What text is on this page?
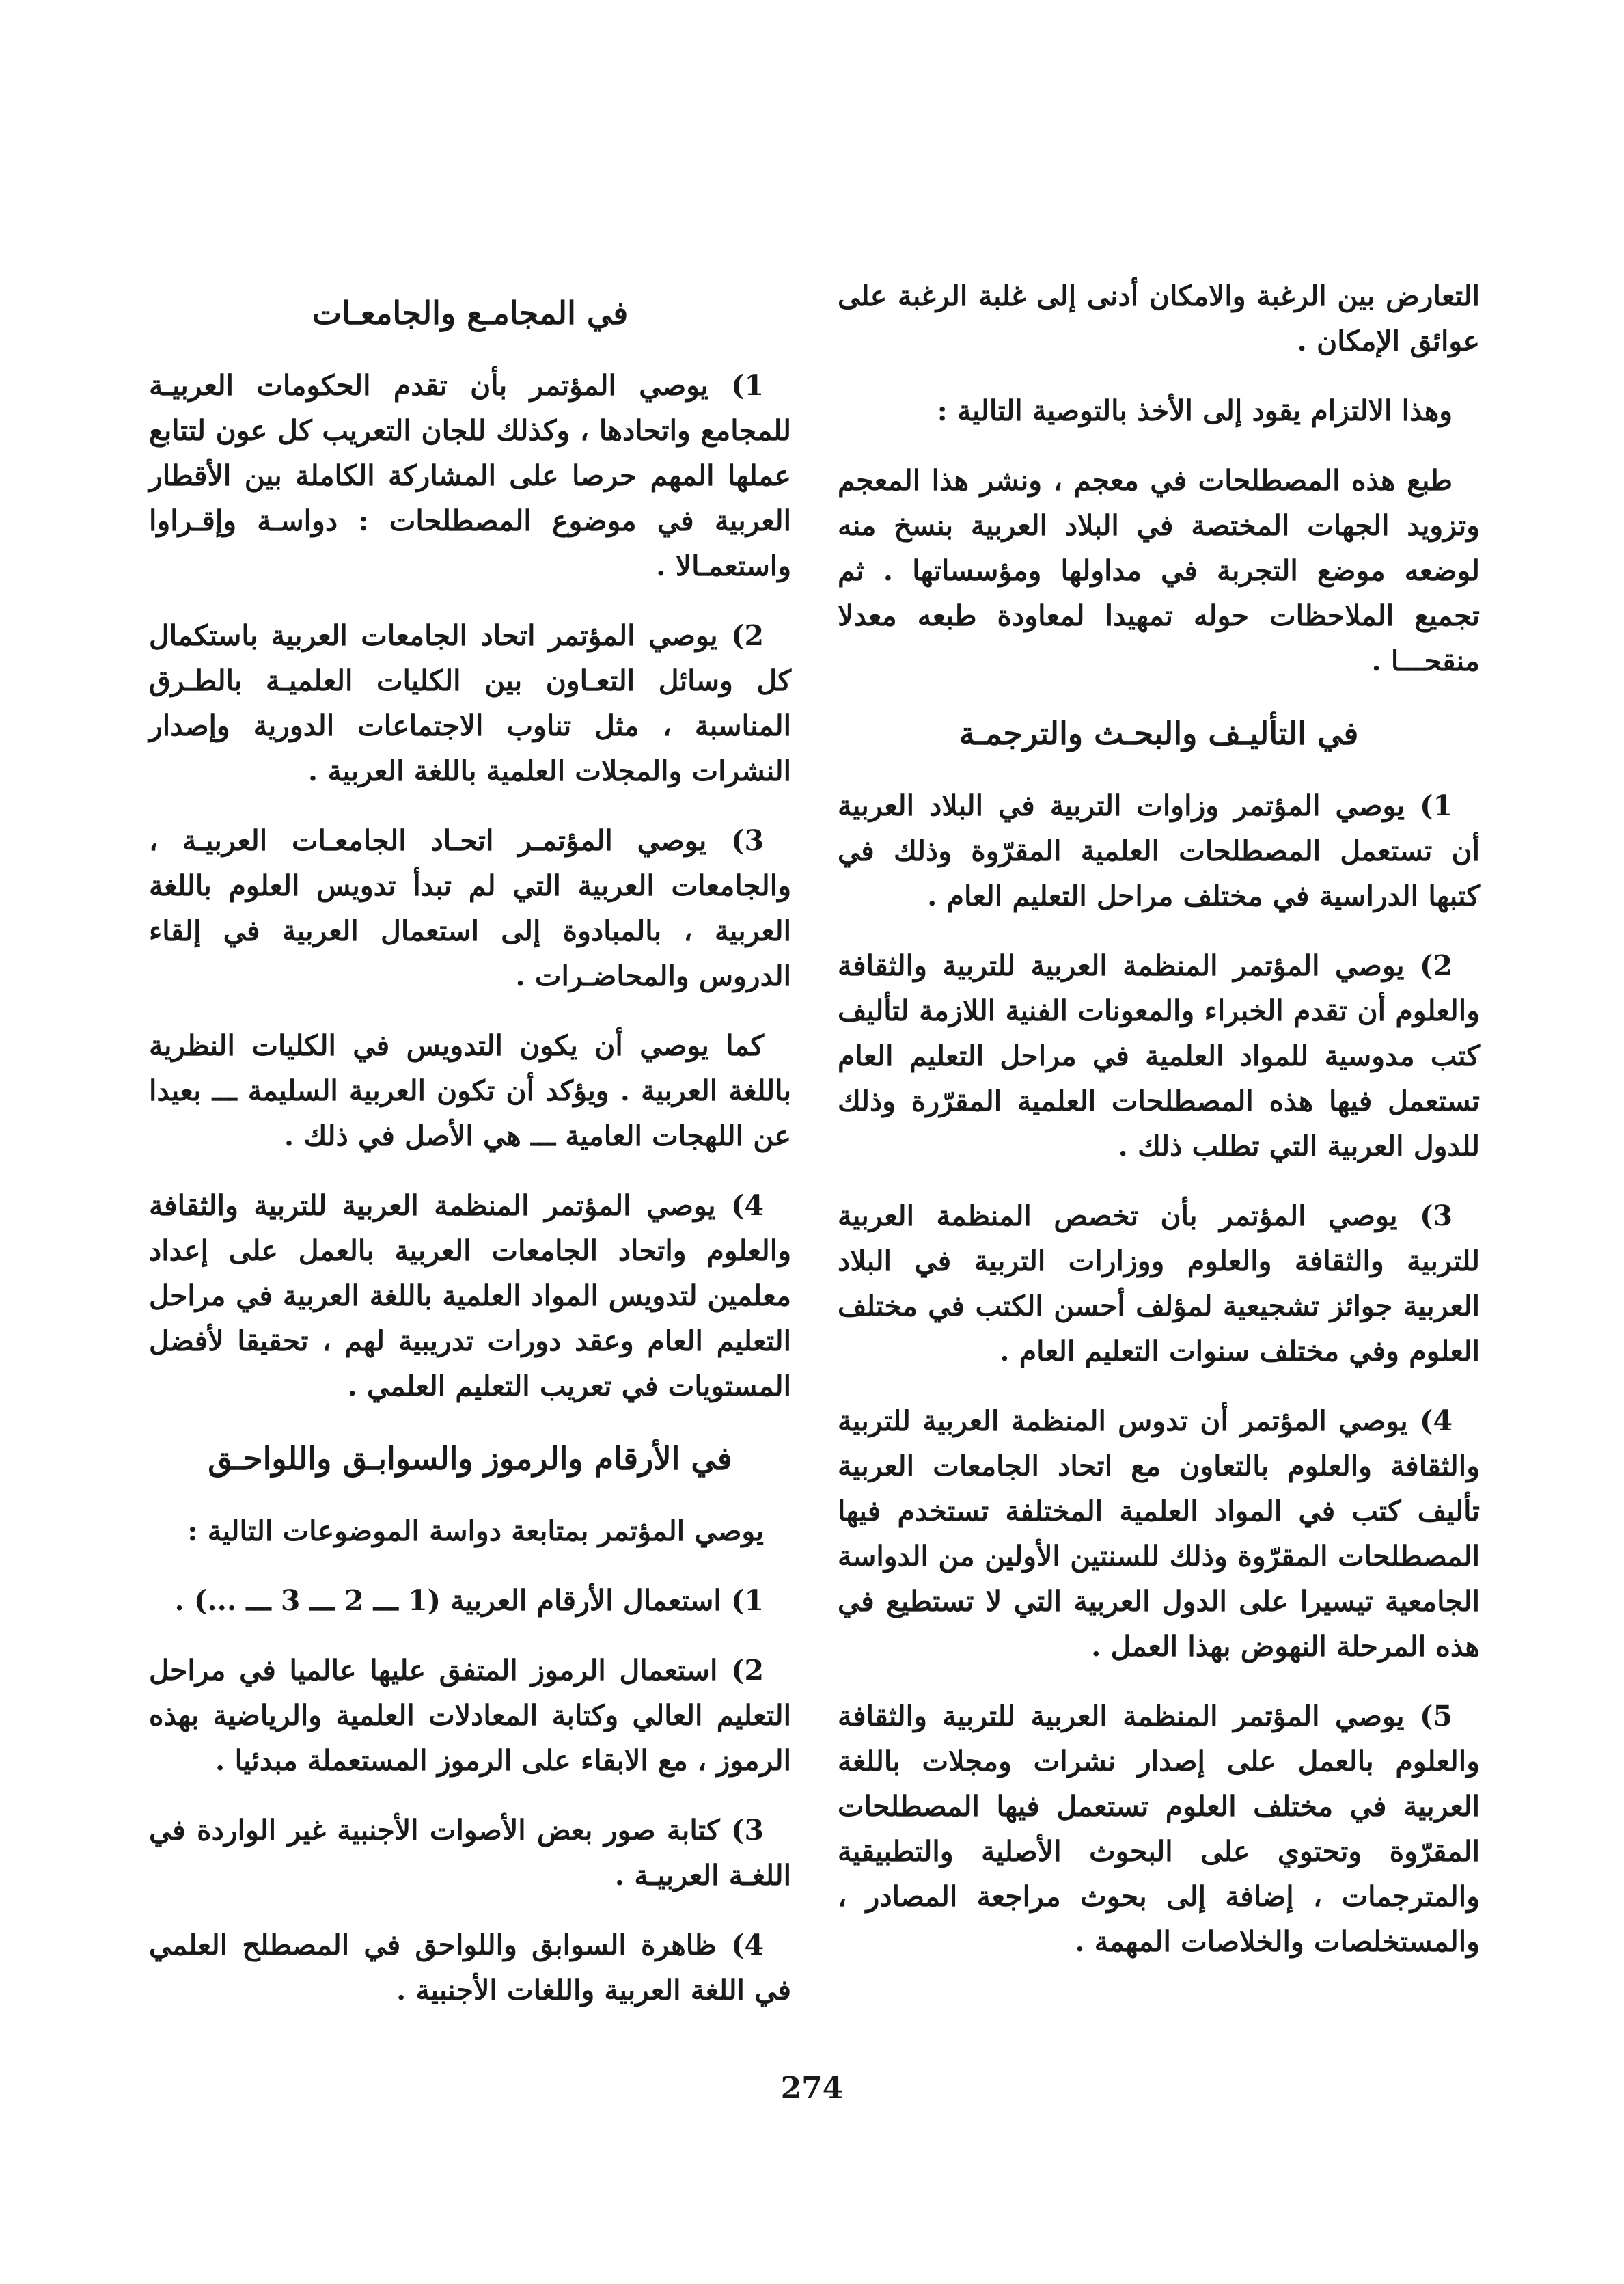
التعارض بين الرغبة والامكان أدنى إلى غلبة الرغبة على عوائق الإمكان .

وهذا الالتزام يقود إلى الأخذ بالتوصية التالية :

طبع هذه المصطلحات في معجم ، ونشر هذا المعجم وتزويد الجهات المختصة في البلاد العربية بنسخ منه لوضعه موضع التجربة في مداولها ومؤسساتها . ثم تجميع الملاحظات حوله تمهيدا لمعاودة طبعه معدلا منقحـــا .

في التأليـف والبحـث والترجمـة

1) يوصي المؤتمر وزاوات التربية في البلاد العربية أن تستعمل المصطلحات العلمية المقرّوة وذلك في كتبها الدراسية في مختلف مراحل التعليم العام .

2) يوصي المؤتمر المنظمة العربية للتربية والثقافة والعلوم أن تقدم الخبراء والمعونات الفنية اللازمة لتأليف كتب مدوسية للمواد العلمية في مراحل التعليم العام تستعمل فيها هذه المصطلحات العلمية المقرّرة وذلك للدول العربية التي تطلب ذلك .

3) يوصي المؤتمر بأن تخصص المنظمة العربية للتربية والثقافة والعلوم ووزارات التربية في البلاد العربية جوائز تشجيعية لمؤلف أحسن الكتب في مختلف العلوم وفي مختلف سنوات التعليم العام .

4) يوصي المؤتمر أن تدوس المنظمة العربية للتربية والثقافة والعلوم بالتعاون مع اتحاد الجامعات العربية تأليف كتب في المواد العلمية المختلفة تستخدم فيها المصطلحات المقرّوة وذلك للسنتين الأولين من الدواسة الجامعية تيسيرا على الدول العربية التي لا تستطيع في هذه المرحلة النهوض بهذا العمل .

5) يوصي المؤتمر المنظمة العربية للتربية والثقافة والعلوم بالعمل على إصدار نشرات ومجلات باللغة العربية في مختلف العلوم تستعمل فيها المصطلحات المقرّوة وتحتوي على البحوث الأصلية والتطبيقية والمترجمات ، إضافة إلى بحوث مراجعة المصادر ، والمستخلصات والخلاصات المهمة .

في المجامـع والجامعـات

1) يوصي المؤتمر بأن تقدم الحكومات العربيـة للمجامع واتحادها ، وكذلك للجان التعريب كل عون لتتابع عملها المهم حرصا على المشاركة الكاملة بين الأقطار العربية في موضوع المصطلحات : دواسـة وإقـراوا واستعمـالا .

2) يوصي المؤتمر اتحاد الجامعات العربية باستكمال كل وسائل التعـاون بين الكليات العلميـة بالطـرق المناسبة ، مثل تناوب الاجتماعات الدورية وإصدار النشرات والمجلات العلمية باللغة العربية .

3) يوصي المؤتمـر اتحـاد الجامعـات العربيـة ، والجامعات العربية التي لم تبدأ تدويس العلوم باللغة العربية ، بالمبادوة إلى استعمال العربية في إلقاء الدروس والمحاضـرات .

كما يوصي أن يكون التدويس في الكليات النظرية باللغة العربية . ويؤكد أن تكون العربية السليمة ـــ بعيدا عن اللهجات العامية ـــ هي الأصل في ذلك .

4) يوصي المؤتمر المنظمة العربية للتربية والثقافة والعلوم واتحاد الجامعات العربية بالعمل على إعداد معلمين لتدويس المواد العلمية باللغة العربية في مراحل التعليم العام وعقد دورات تدريبية لهم ، تحقيقا لأفضل المستويات في تعريب التعليم العلمي .

في الأرقام والرموز والسوابـق واللواحـق

يوصي المؤتمر بمتابعة دواسة الموضوعات التالية :

1) استعمال الأرقام العربية (1 ـــ 2 ـــ 3 ـــ ...) .

2) استعمال الرموز المتفق عليها عالميا في مراحل التعليم العالي وكتابة المعادلات العلمية والرياضية بهذه الرموز ، مع الابقاء على الرموز المستعملة مبدئيا .

3) كتابة صور بعض الأصوات الأجنبية غير الواردة في اللغـة العربيـة .

4) ظاهرة السوابق واللواحق في المصطلح العلمي في اللغة العربية واللغات الأجنبية .

274
